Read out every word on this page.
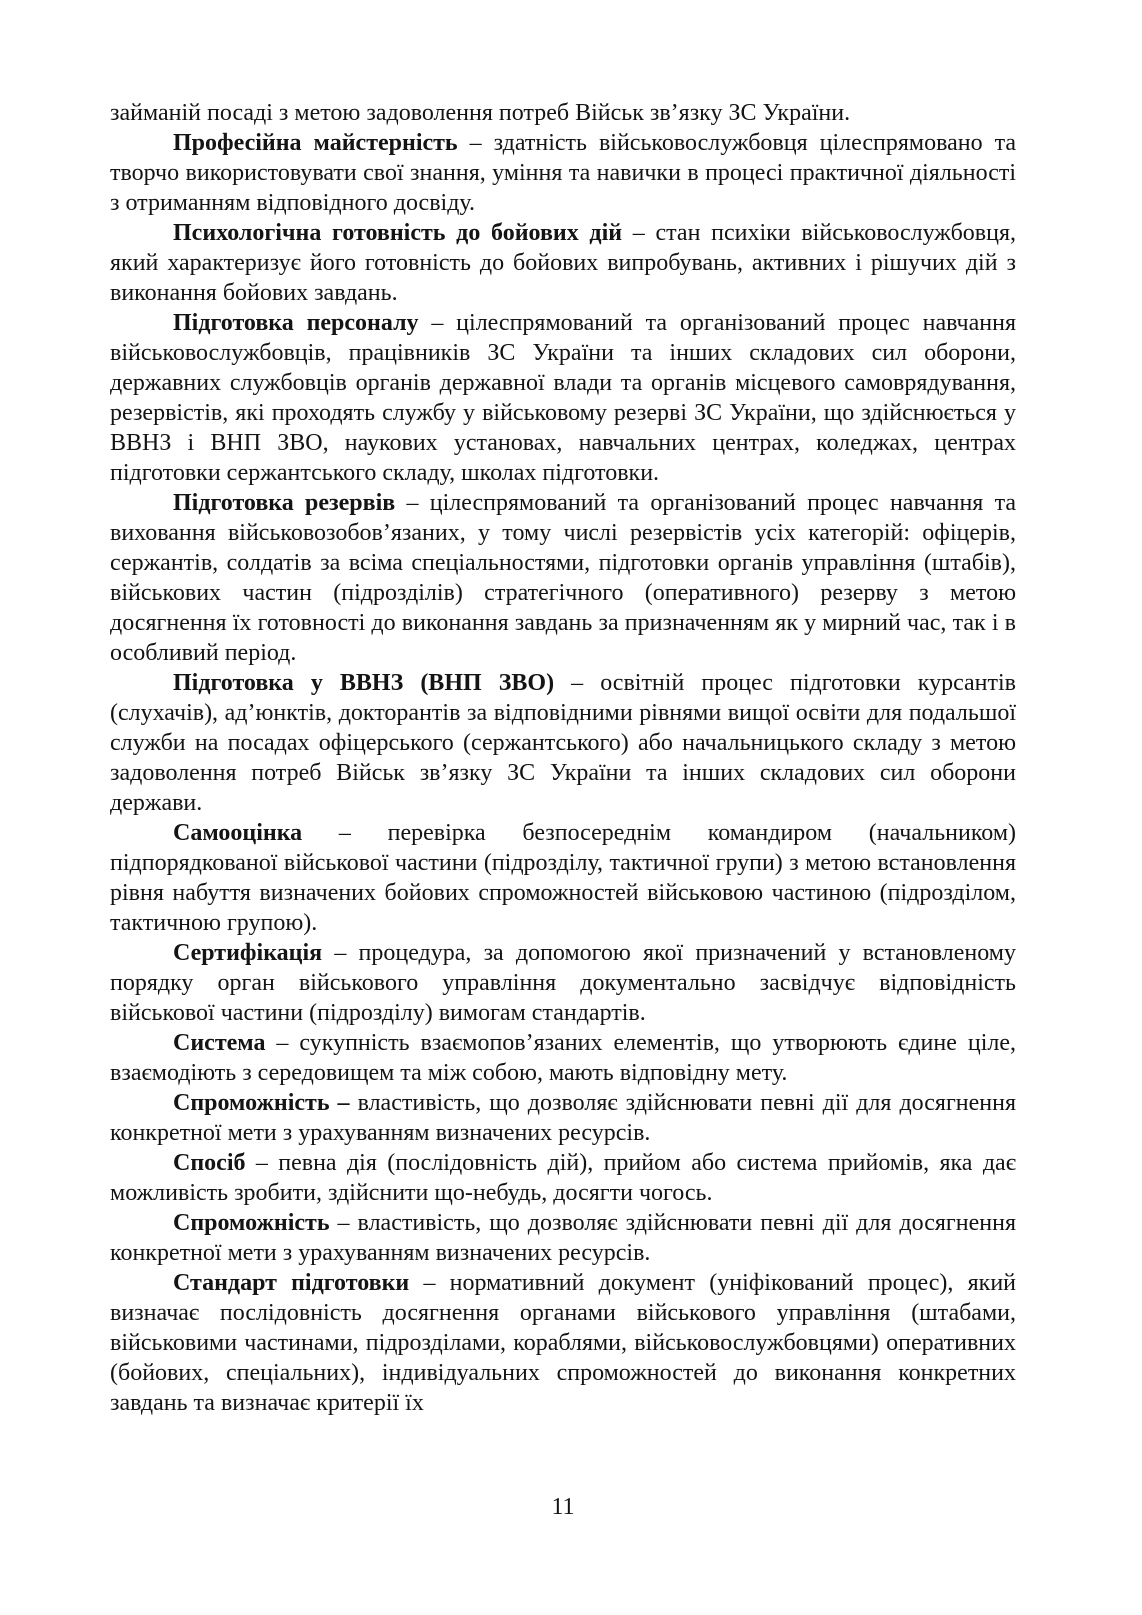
займаній посаді з метою задоволення потреб Військ зв’язку ЗС України.

Професійна майстерність – здатність військовослужбовця цілеспрямовано та творчо використовувати свої знання, уміння та навички в процесі практичної діяльності з отриманням відповідного досвіду.

Психологічна готовність до бойових дій – стан психіки військовослужбовця, який характеризує його готовність до бойових випробувань, активних і рішучих дій з виконання бойових завдань.

Підготовка персоналу – цілеспрямований та організований процес навчання військовослужбовців, працівників ЗС України та інших складових сил оборони, державних службовців органів державної влади та органів місцевого самоврядування, резервістів, які проходять службу у військовому резерві ЗС України, що здійснюється у ВВНЗ і ВНП ЗВО, наукових установах, навчальних центрах, коледжах, центрах підготовки сержантського складу, школах підготовки.

Підготовка резервів – цілеспрямований та організований процес навчання та виховання військовозобов’язаних, у тому числі резервістів усіх категорій: офіцерів, сержантів, солдатів за всіма спеціальностями, підготовки органів управління (штабів), військових частин (підрозділів) стратегічного (оперативного) резерву з метою досягнення їх готовності до виконання завдань за призначенням як у мирний час, так і в особливий період.

Підготовка у ВВНЗ (ВНП ЗВО) – освітній процес підготовки курсантів (слухачів), ад’юнктів, докторантів за відповідними рівнями вищої освіти для подальшої служби на посадах офіцерського (сержантського) або начальницького складу з метою задоволення потреб Військ зв’язку ЗС України та інших складових сил оборони держави.

Самооцінка – перевірка безпосереднім командиром (начальником) підпорядкованої військової частини (підрозділу, тактичної групи) з метою встановлення рівня набуття визначених бойових спроможностей військовою частиною (підрозділом, тактичною групою).

Сертифікація – процедура, за допомогою якої призначений у встановленому порядку орган військового управління документально засвідчує відповідність військової частини (підрозділу) вимогам стандартів.

Система – сукупність взаємопов’язаних елементів, що утворюють єдине ціле, взаємодіють з середовищем та між собою, мають відповідну мету.

Спроможність – властивість, що дозволяє здійснювати певні дії для досягнення конкретної мети з урахуванням визначених ресурсів.

Спосіб – певна дія (послідовність дій), прийом або система прийомів, яка дає можливість зробити, здійснити що-небудь, досягти чогось.

Спроможність – властивість, що дозволяє здійснювати певні дії для досягнення конкретної мети з урахуванням визначених ресурсів.

Стандарт підготовки – нормативний документ (уніфікований процес), який визначає послідовність досягнення органами військового управління (штабами, військовими частинами, підрозділами, кораблями, військовослужбовцями) оперативних (бойових, спеціальних), індивідуальних спроможностей до виконання конкретних завдань та визначає критерії їх

11
